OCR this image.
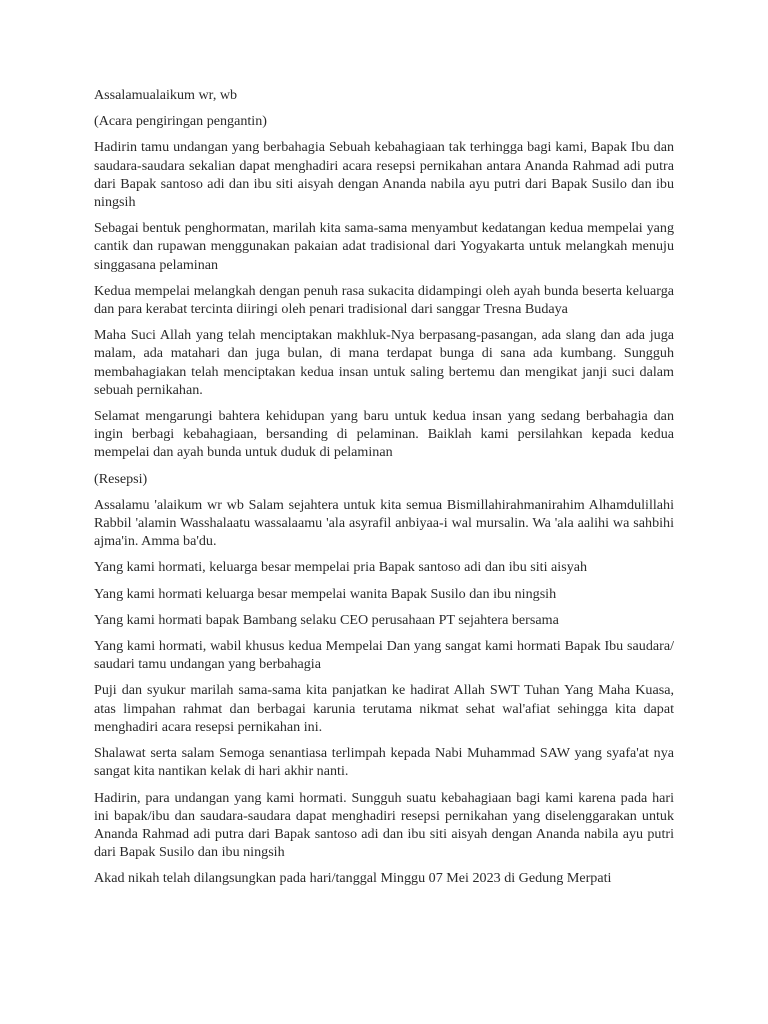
Assalamualaikum wr, wb

(Acara pengiringan pengantin)

Hadirin tamu undangan yang berbahagia Sebuah kebahagiaan tak terhingga bagi kami, Bapak Ibu dan saudara-saudara sekalian dapat menghadiri acara resepsi pernikahan antara Ananda Rahmad adi putra dari Bapak santoso adi dan ibu siti aisyah dengan Ananda nabila ayu putri dari Bapak Susilo dan ibu ningsih

Sebagai bentuk penghormatan, marilah kita sama-sama menyambut kedatangan kedua mempelai yang cantik dan rupawan menggunakan pakaian adat tradisional dari Yogyakarta untuk melangkah menuju singgasana pelaminan

Kedua mempelai melangkah dengan penuh rasa sukacita didampingi oleh ayah bunda beserta keluarga dan para kerabat tercinta diiringi oleh penari tradisional dari sanggar Tresna Budaya

Maha Suci Allah yang telah menciptakan makhluk-Nya berpasang-pasangan, ada slang dan ada juga malam, ada matahari dan juga bulan, di mana terdapat bunga di sana ada kumbang. Sungguh membahagiakan telah menciptakan kedua insan untuk saling bertemu dan mengikat janji suci dalam sebuah pernikahan.

Selamat mengarungi bahtera kehidupan yang baru untuk kedua insan yang sedang berbahagia dan ingin berbagi kebahagiaan, bersanding di pelaminan. Baiklah kami persilahkan kepada kedua mempelai dan ayah bunda untuk duduk di pelaminan

(Resepsi)

Assalamu 'alaikum wr wb Salam sejahtera untuk kita semua Bismillahirahmanirahim Alhamdulillahi Rabbil 'alamin Wasshalaatu wassalaamu 'ala asyrafil anbiyaa-i wal mursalin. Wa 'ala aalihi wa sahbihi ajma'in. Amma ba'du.

Yang kami hormati, keluarga besar mempelai pria Bapak santoso adi dan ibu siti aisyah

Yang kami hormati keluarga besar mempelai wanita Bapak Susilo dan ibu ningsih

Yang kami hormati bapak Bambang selaku CEO perusahaan PT sejahtera bersama

Yang kami hormati, wabil khusus kedua Mempelai Dan yang sangat kami hormati Bapak Ibu saudara/ saudari tamu undangan yang berbahagia

Puji dan syukur marilah sama-sama kita panjatkan ke hadirat Allah SWT Tuhan Yang Maha Kuasa, atas limpahan rahmat dan berbagai karunia terutama nikmat sehat wal'afiat sehingga kita dapat menghadiri acara resepsi pernikahan ini.

Shalawat serta salam Semoga senantiasa terlimpah kepada Nabi Muhammad SAW yang syafa'at nya sangat kita nantikan kelak di hari akhir nanti.

Hadirin, para undangan yang kami hormati. Sungguh suatu kebahagiaan bagi kami karena pada hari ini bapak/ibu dan saudara-saudara dapat menghadiri resepsi pernikahan yang diselenggarakan untuk Ananda Rahmad adi putra dari Bapak santoso adi dan ibu siti aisyah dengan Ananda nabila ayu putri dari Bapak Susilo dan ibu ningsih

Akad nikah telah dilangsungkan pada hari/tanggal Minggu 07 Mei 2023 di Gedung Merpati
